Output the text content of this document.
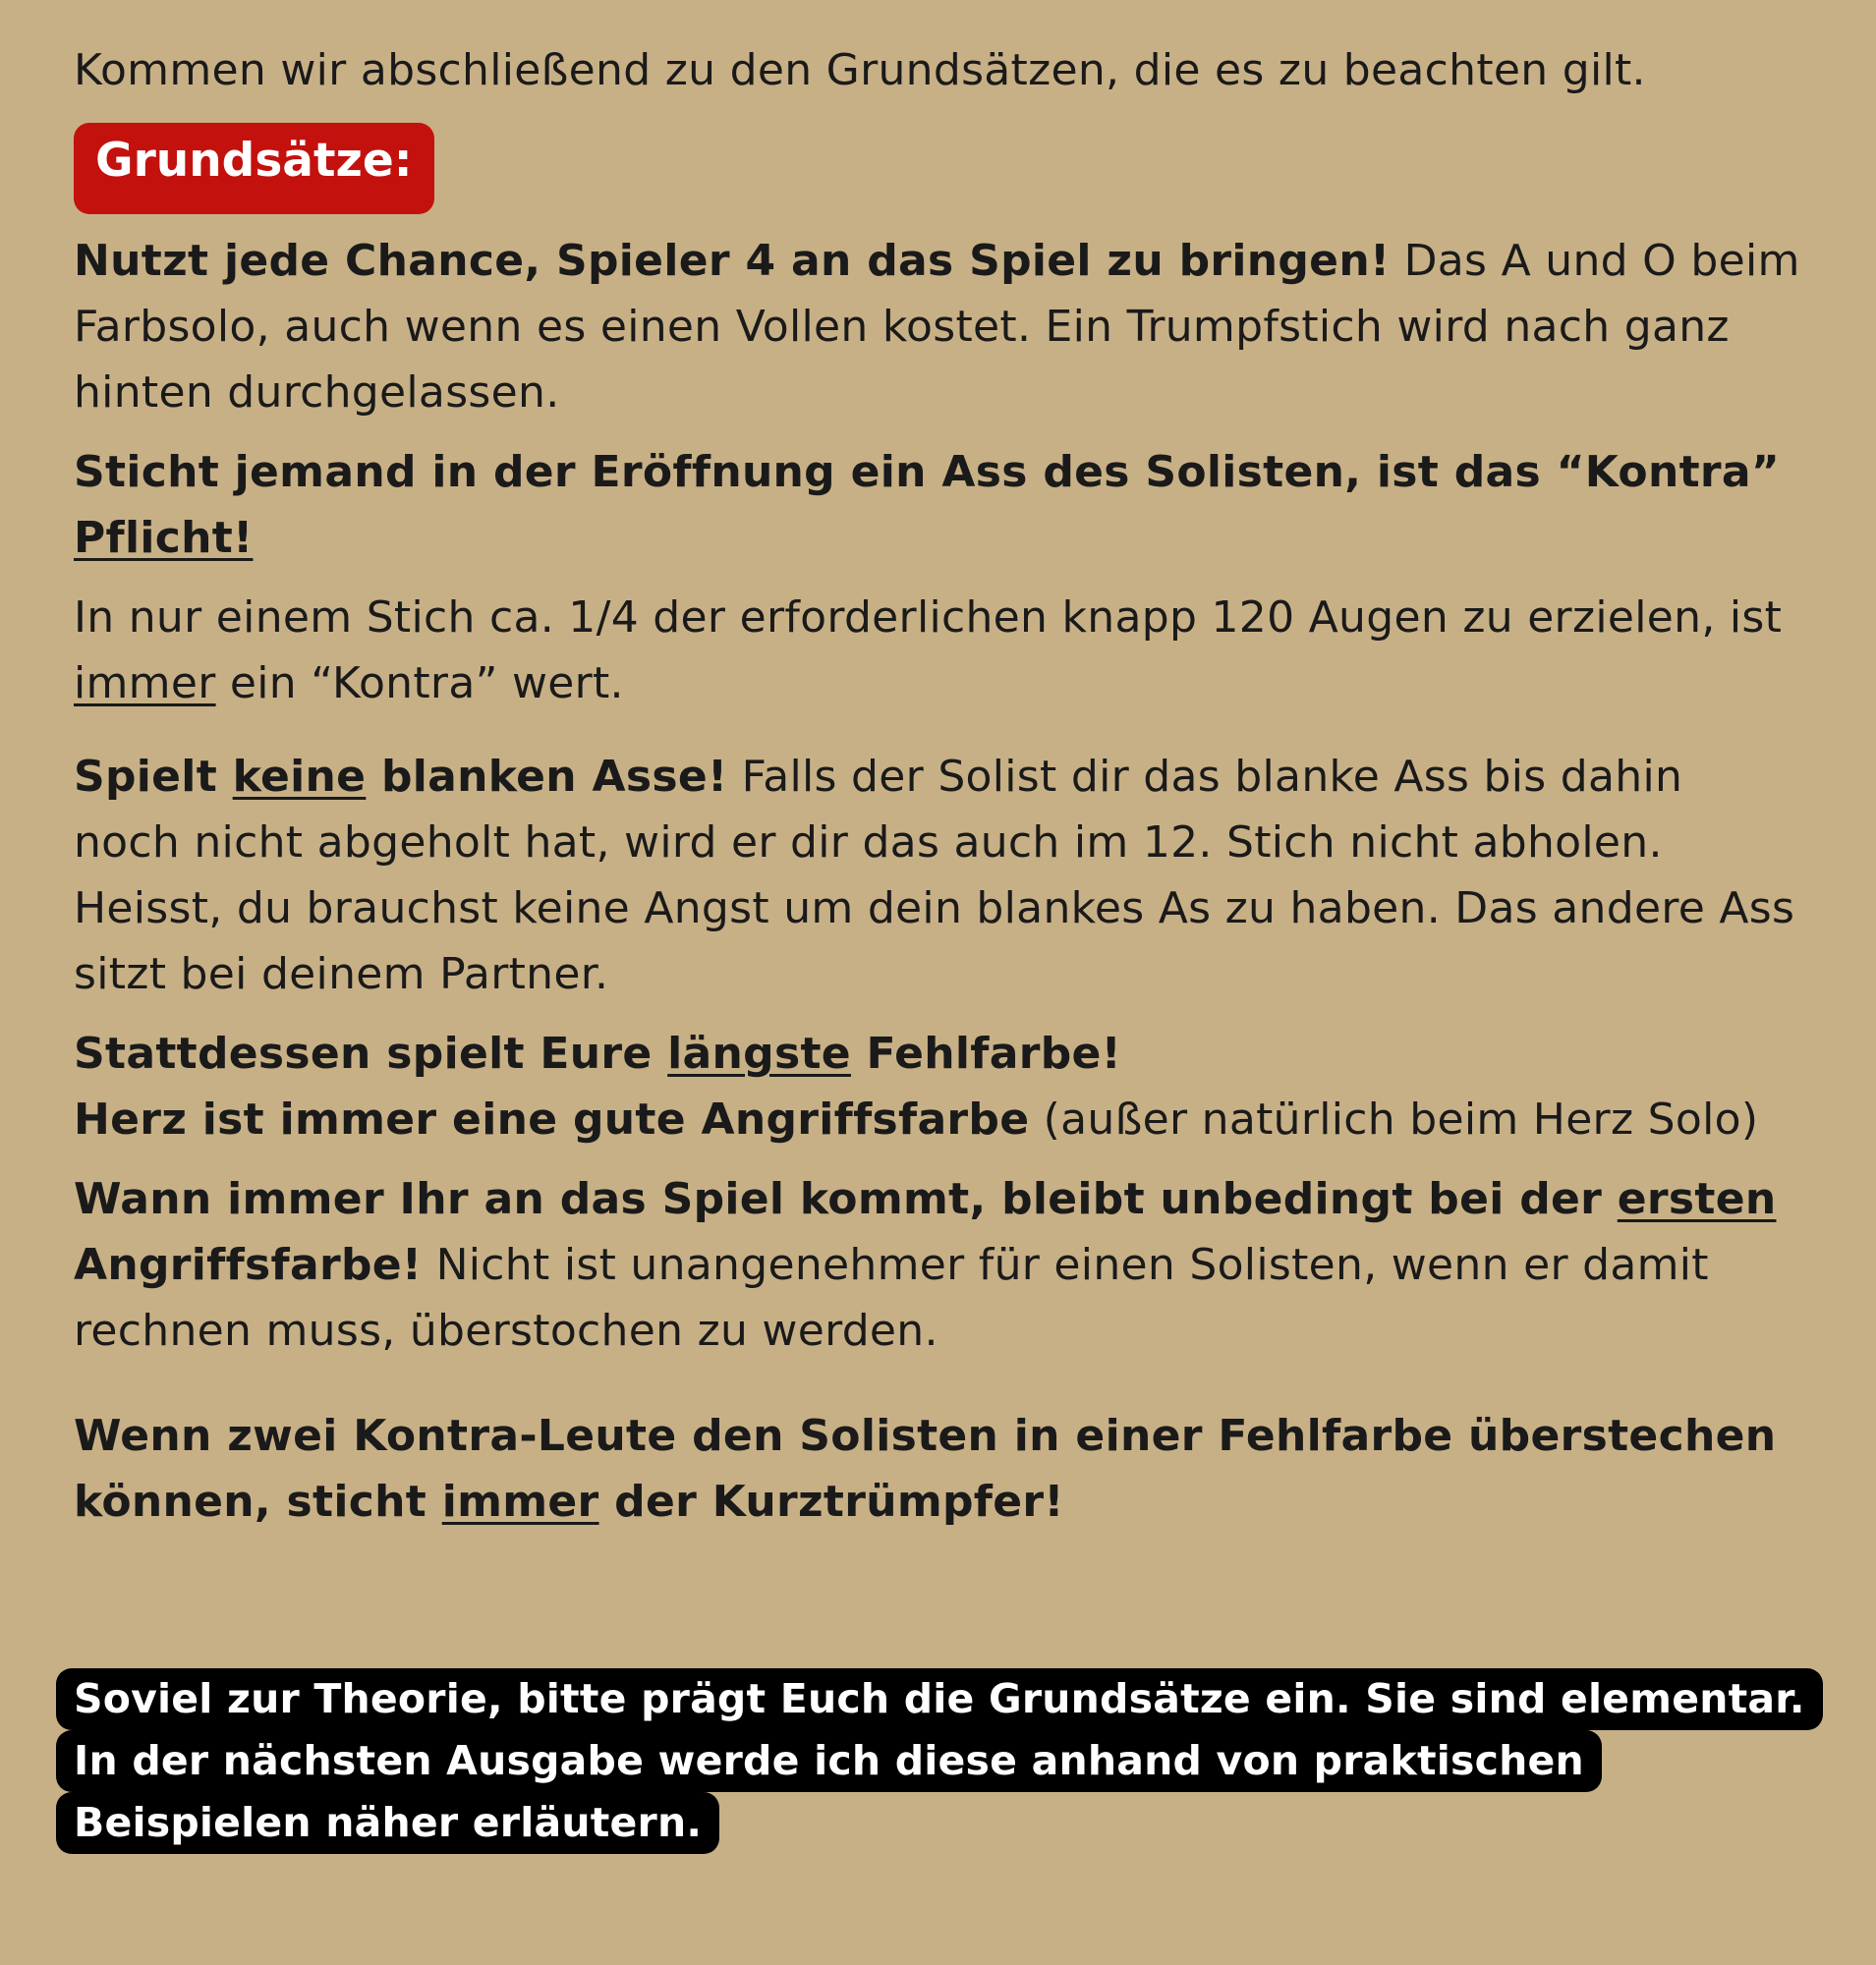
Kommen wir abschließend zu den Grundsätzen, die es zu beachten gilt.

Grundsätze:

Nutzt jede Chance, Spieler 4 an das Spiel zu bringen! Das A und O beim Farbsolo, auch wenn es einen Vollen kostet. Ein Trumpfstich wird nach ganz hinten durchgelassen.

Sticht jemand in der Eröffnung ein Ass des Solisten, ist das “Kontra” Pflicht!

In nur einem Stich ca. 1/4 der erforderlichen knapp 120 Augen zu erzielen, ist immer ein “Kontra” wert.

Spielt keine blanken Asse! Falls der Solist dir das blanke Ass bis dahin noch nicht abgeholt hat, wird er dir das auch im 12. Stich nicht abholen. Heisst, du brauchst keine Angst um dein blankes As zu haben. Das andere Ass sitzt bei deinem Partner.

Stattdessen spielt Eure längste Fehlfarbe!

Herz ist immer eine gute Angriffsfarbe (außer natürlich beim Herz Solo)

Wann immer Ihr an das Spiel kommt, bleibt unbedingt bei der ersten Angriffsfarbe! Nicht ist unangenehmer für einen Solisten, wenn er damit rechnen muss, überstochen zu werden.

Wenn zwei Kontra-Leute den Solisten in einer Fehlfarbe überstechen können, sticht immer der Kurztrümpfer!

Soviel zur Theorie, bitte prägt Euch die Grundsätze ein. Sie sind elementar.
In der nächsten Ausgabe werde ich diese anhand von praktischen
Beispielen näher erläutern.
